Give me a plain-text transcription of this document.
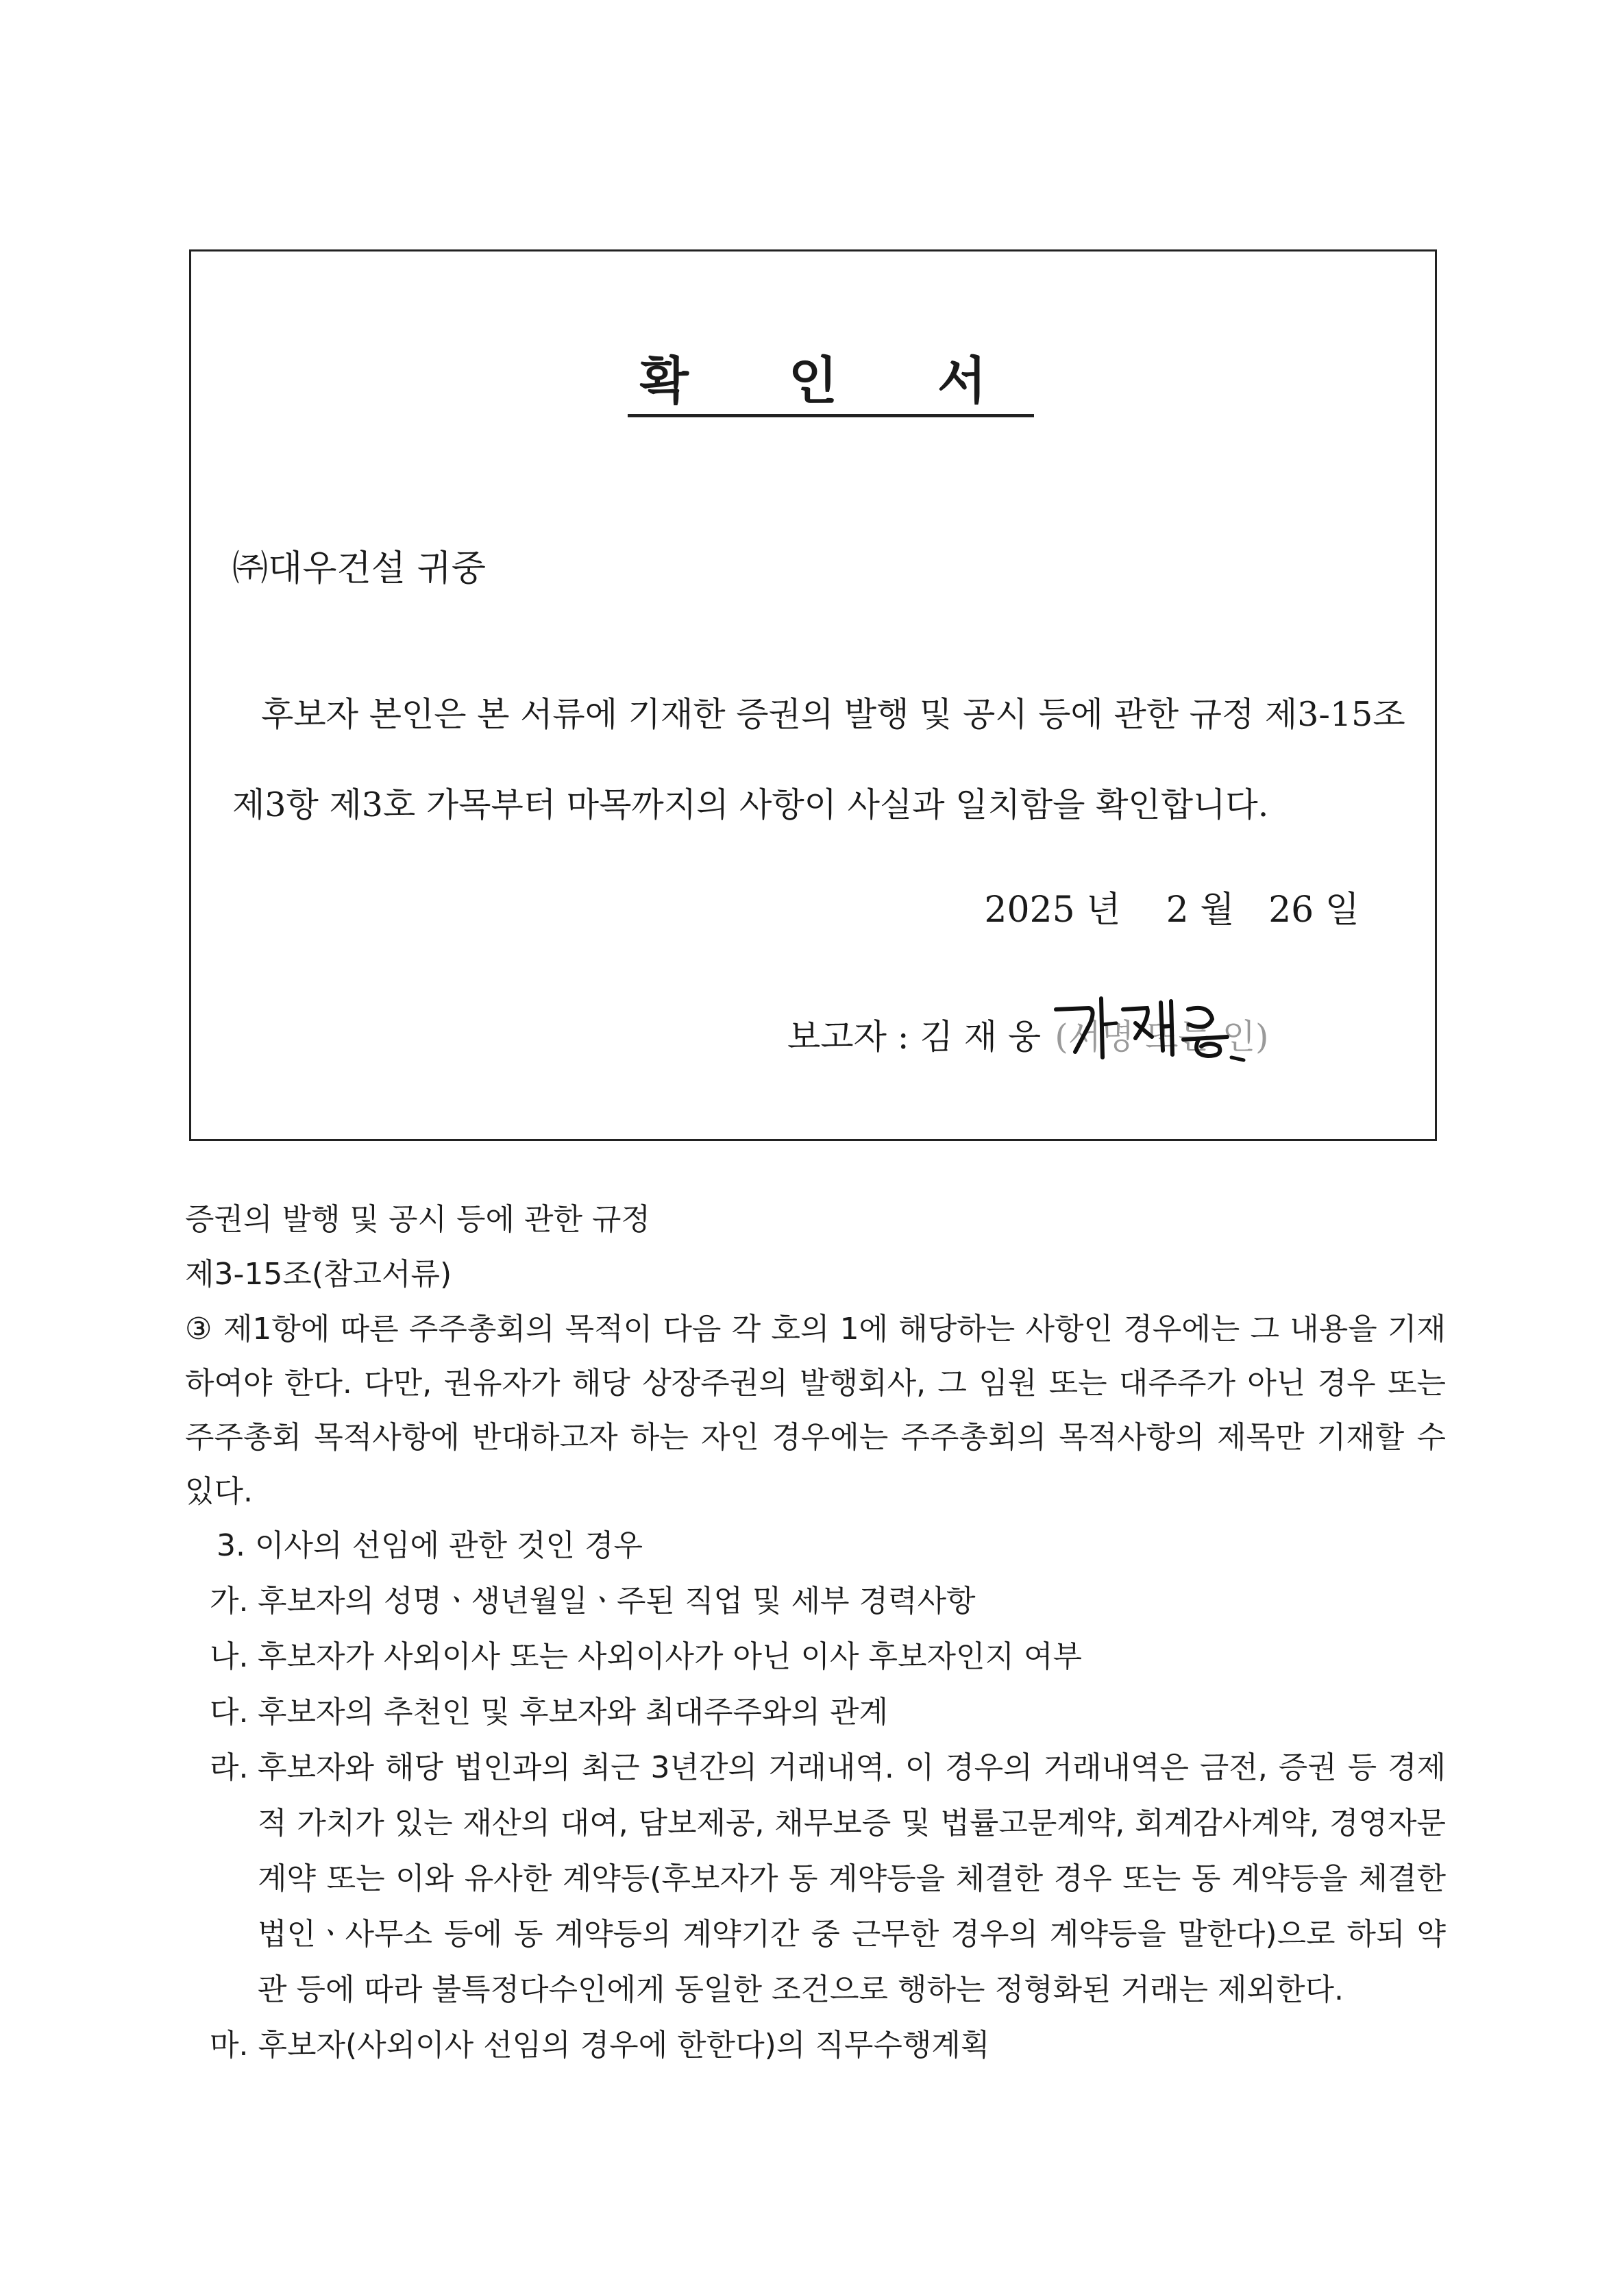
확 인 서
㈜대우건설 귀중

후보자 본인은 본 서류에 기재한 증권의 발행 및 공시 등에 관한 규정 제3-15조 제3항 제3호 가목부터 마목까지의 사항이 사실과 일치함을 확인합니다.

2025 년 2 월 26 일
보고자 : 김 재 웅 (서명 또는 인)
증권의 발행 및 공시 등에 관한 규정
제3-15조(참고서류)

③ 제1항에 따른 주주총회의 목적이 다음 각 호의 1에 해당하는 사항인 경우에는 그 내용을 기재하여야 한다. 다만, 권유자가 해당 상장주권의 발행회사, 그 임원 또는 대주주가 아닌 경우 또는 주주총회 목적사항에 반대하고자 하는 자인 경우에는 주주총회의 목적사항의 제목만 기재할 수 있다.

3. 이사의 선임에 관한 것인 경우
가. 후보자의 성명ㆍ생년월일ㆍ주된 직업 및 세부 경력사항
나. 후보자가 사외이사 또는 사외이사가 아닌 이사 후보자인지 여부
다. 후보자의 추천인 및 후보자와 최대주주와의 관계
라. 후보자와 해당 법인과의 최근 3년간의 거래내역. 이 경우의 거래내역은 금전, 증권 등 경제적 가치가 있는 재산의 대여, 담보제공, 채무보증 및 법률고문계약, 회계감사계약, 경영자문계약 또는 이와 유사한 계약등(후보자가 동 계약등을 체결한 경우 또는 동 계약등을 체결한 법인ㆍ사무소 등에 동 계약등의 계약기간 중 근무한 경우의 계약등을 말한다)으로 하되 약관 등에 따라 불특정다수인에게 동일한 조건으로 행하는 정형화된 거래는 제외한다.
마. 후보자(사외이사 선임의 경우에 한한다)의 직무수행계획
